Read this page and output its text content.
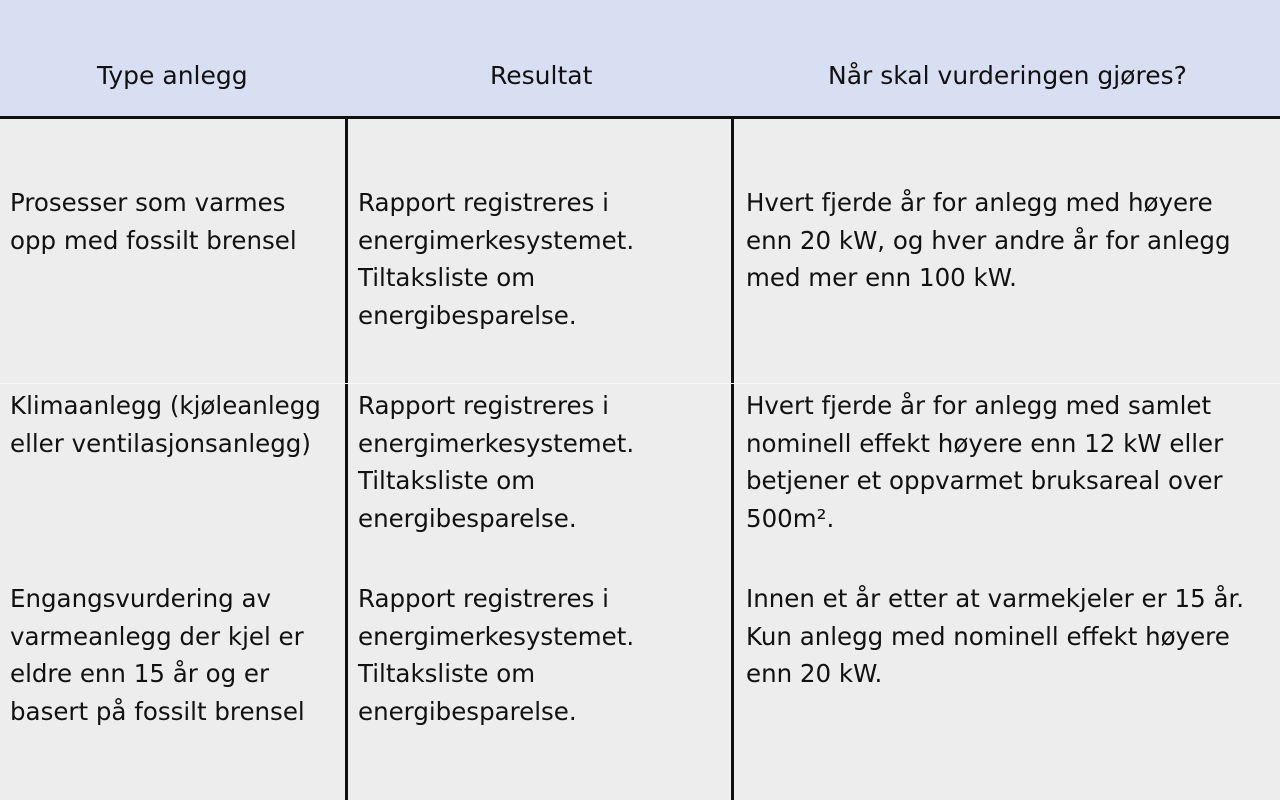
Type anlegg	Resultat	Når skal vurderingen gjøres?
Prosesser som varmes
opp med fossilt brensel
Rapport registreres i
energimerkesystemet.
Tiltaksliste om
energibesparelse.
Hvert fjerde år for anlegg med høyere
enn 20 kW, og hver andre år for anlegg
med mer enn 100 kW.
Klimaanlegg (kjøleanlegg
eller ventilasjonsanlegg)
Rapport registreres i
energimerkesystemet.
Tiltaksliste om
energibesparelse.
Hvert fjerde år for anlegg med samlet
nominell effekt høyere enn 12 kW eller
betjener et oppvarmet bruksareal over
500m².
Engangsvurdering av
varmeanlegg der kjel er
eldre enn 15 år og er
basert på fossilt brensel
Rapport registreres i
energimerkesystemet.
Tiltaksliste om
energibesparelse.
Innen et år etter at varmekjeler er 15 år.
Kun anlegg med nominell effekt høyere
enn 20 kW.
